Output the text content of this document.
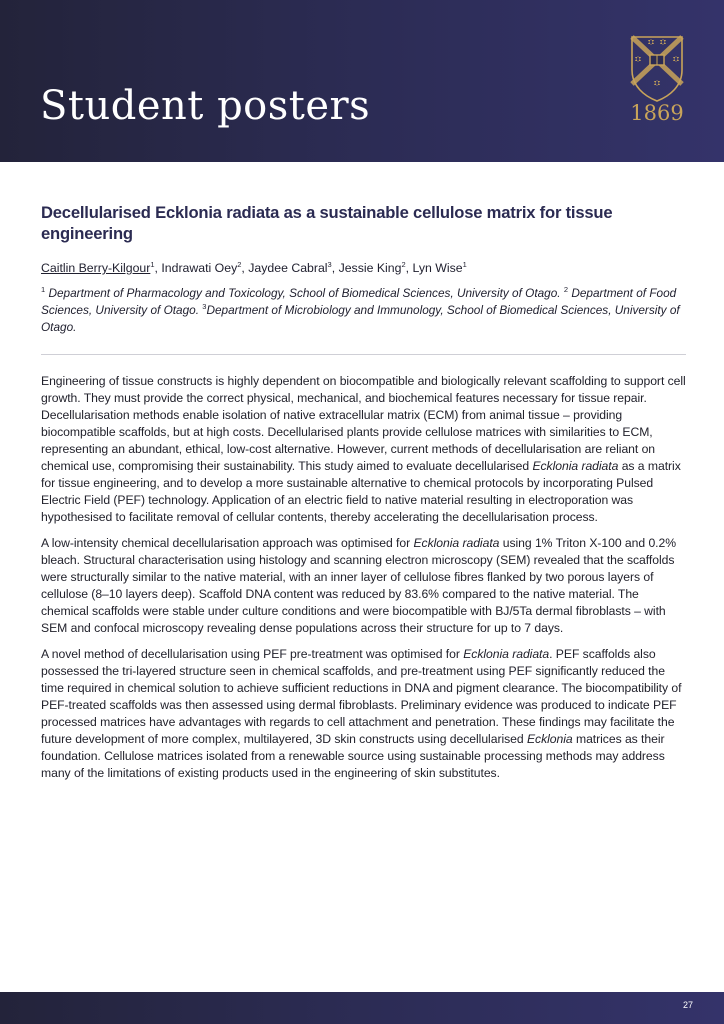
Student posters	1869
Decellularised Ecklonia radiata as a sustainable cellulose matrix for tissue engineering

Caitlin Berry-Kilgour$^1$, Indrawati Oey$^2$, Jaydee Cabral$^3$, Jessie King$^2$, Lyn Wise$^1$

$^1$ Department of Pharmacology and Toxicology, School of Biomedical Sciences, University of Otago. $^2$ Department of Food Sciences, University of Otago. $^3$Department of Microbiology and Immunology, School of Biomedical Sciences, University of Otago.

Engineering of tissue constructs is highly dependent on biocompatible and biologically relevant scaffolding to support cell growth. They must provide the correct physical, mechanical, and biochemical features necessary for tissue repair. Decellularisation methods enable isolation of native extracellular matrix (ECM) from animal tissue – providing biocompatible scaffolds, but at high costs. Decellularised plants provide cellulose matrices with similarities to ECM, representing an abundant, ethical, low-cost alternative. However, current methods of decellularisation are reliant on chemical use, compromising their sustainability. This study aimed to evaluate decellularised Ecklonia radiata as a matrix for tissue engineering, and to develop a more sustainable alternative to chemical protocols by incorporating Pulsed Electric Field (PEF) technology. Application of an electric field to native material resulting in electroporation was hypothesised to facilitate removal of cellular contents, thereby accelerating the decellularisation process.

A low-intensity chemical decellularisation approach was optimised for Ecklonia radiata using 1% Triton X-100 and 0.2% bleach. Structural characterisation using histology and scanning electron microscopy (SEM) revealed that the scaffolds were structurally similar to the native material, with an inner layer of cellulose fibres flanked by two porous layers of cellulose (8–10 layers deep). Scaffold DNA content was reduced by 83.6% compared to the native material. The chemical scaffolds were stable under culture conditions and were biocompatible with BJ/5Ta dermal fibroblasts – with SEM and confocal microscopy revealing dense populations across their structure for up to 7 days.

A novel method of decellularisation using PEF pre-treatment was optimised for Ecklonia radiata. PEF scaffolds also possessed the tri-layered structure seen in chemical scaffolds, and pre-treatment using PEF significantly reduced the time required in chemical solution to achieve sufficient reductions in DNA and pigment clearance. The biocompatibility of PEF-treated scaffolds was then assessed using dermal fibroblasts. Preliminary evidence was produced to indicate PEF processed matrices have advantages with regards to cell attachment and penetration. These findings may facilitate the future development of more complex, multilayered, 3D skin constructs using decellularised Ecklonia matrices as their foundation. Cellulose matrices isolated from a renewable source using sustainable processing methods may address many of the limitations of existing products used in the engineering of skin substitutes.

27
